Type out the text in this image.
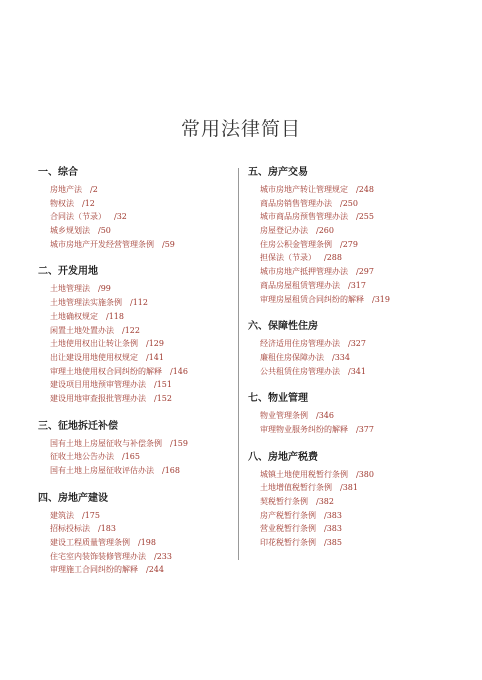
常用法律简目
一、综合
房地产法 /2
物权法 /12
合同法（节录） /32
城乡规划法 /50
城市房地产开发经营管理条例 /59
二、开发用地
土地管理法 /99
土地管理法实施条例 /112
土地确权规定 /118
闲置土地处置办法 /122
土地使用权出让转让条例 /129
出让建设用地使用权规定 /141
审理土地使用权合同纠纷的解释 /146
建设项目用地预审管理办法 /151
建设用地审查报批管理办法 /152
三、征地拆迁补偿
国有土地上房屋征收与补偿条例 /159
征收土地公告办法 /165
国有土地上房屋征收评估办法 /168
四、房地产建设
建筑法 /175
招标投标法 /183
建设工程质量管理条例 /198
住宅室内装饰装修管理办法 /233
审理施工合同纠纷的解释 /244
五、房产交易
城市房地产转让管理规定 /248
商品房销售管理办法 /250
城市商品房预售管理办法 /255
房屋登记办法 /260
住房公积金管理条例 /279
担保法（节录） /288
城市房地产抵押管理办法 /297
商品房屋租赁管理办法 /317
审理房屋租赁合同纠纷的解释 /319
六、保障性住房
经济适用住房管理办法 /327
廉租住房保障办法 /334
公共租赁住房管理办法 /341
七、物业管理
物业管理条例 /346
审理物业服务纠纷的解释 /377
八、房地产税费
城镇土地使用税暂行条例 /380
土地增值税暂行条例 /381
契税暂行条例 /382
房产税暂行条例 /383
营业税暂行条例 /383
印花税暂行条例 /385
